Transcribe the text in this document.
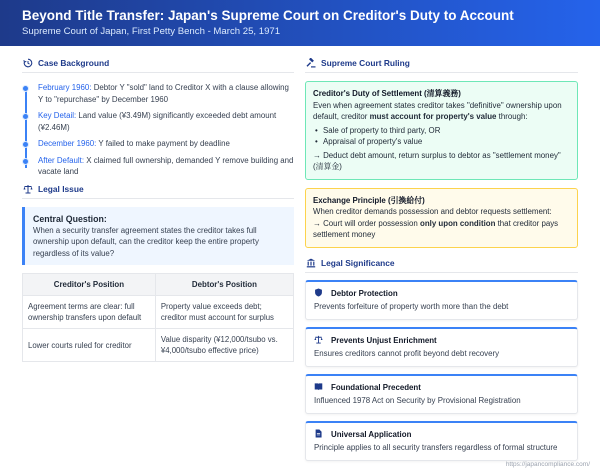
Beyond Title Transfer: Japan's Supreme Court on Creditor's Duty to Account
Supreme Court of Japan, First Petty Bench - March 25, 1971
Case Background
February 1960: Debtor Y "sold" land to Creditor X with a clause allowing Y to "repurchase" by December 1960
Key Detail: Land value (¥3.49M) significantly exceeded debt amount (¥2.46M)
December 1960: Y failed to make payment by deadline
After Default: X claimed full ownership, demanded Y remove building and vacate land
Legal Issue
Central Question:
When a security transfer agreement states the creditor takes full ownership upon default, can the creditor keep the entire property regardless of its value?
Creditor's Position	Debtor's Position
Agreement terms are clear: full ownership transfers upon default	Property value exceeds debt; creditor must account for surplus
Lower courts ruled for creditor	Value disparity (¥12,000/tsubo vs. ¥4,000/tsubo effective price)
Supreme Court Ruling
Creditor's Duty of Settlement (清算義務)
Even when agreement states creditor takes "definitive" ownership upon default, creditor must account for property's value through:
• Sale of property to third party, OR
• Appraisal of property's value
→ Deduct debt amount, return surplus to debtor as "settlement money" (清算金)
Exchange Principle (引換給付)
When creditor demands possession and debtor requests settlement:
→ Court will order possession only upon condition that creditor pays settlement money
Legal Significance
Debtor Protection
Prevents forfeiture of property worth more than the debt
Prevents Unjust Enrichment
Ensures creditors cannot profit beyond debt recovery
Foundational Precedent
Influenced 1978 Act on Security by Provisional Registration
Universal Application
Principle applies to all security transfers regardless of formal structure
https://japancompliance.com/
